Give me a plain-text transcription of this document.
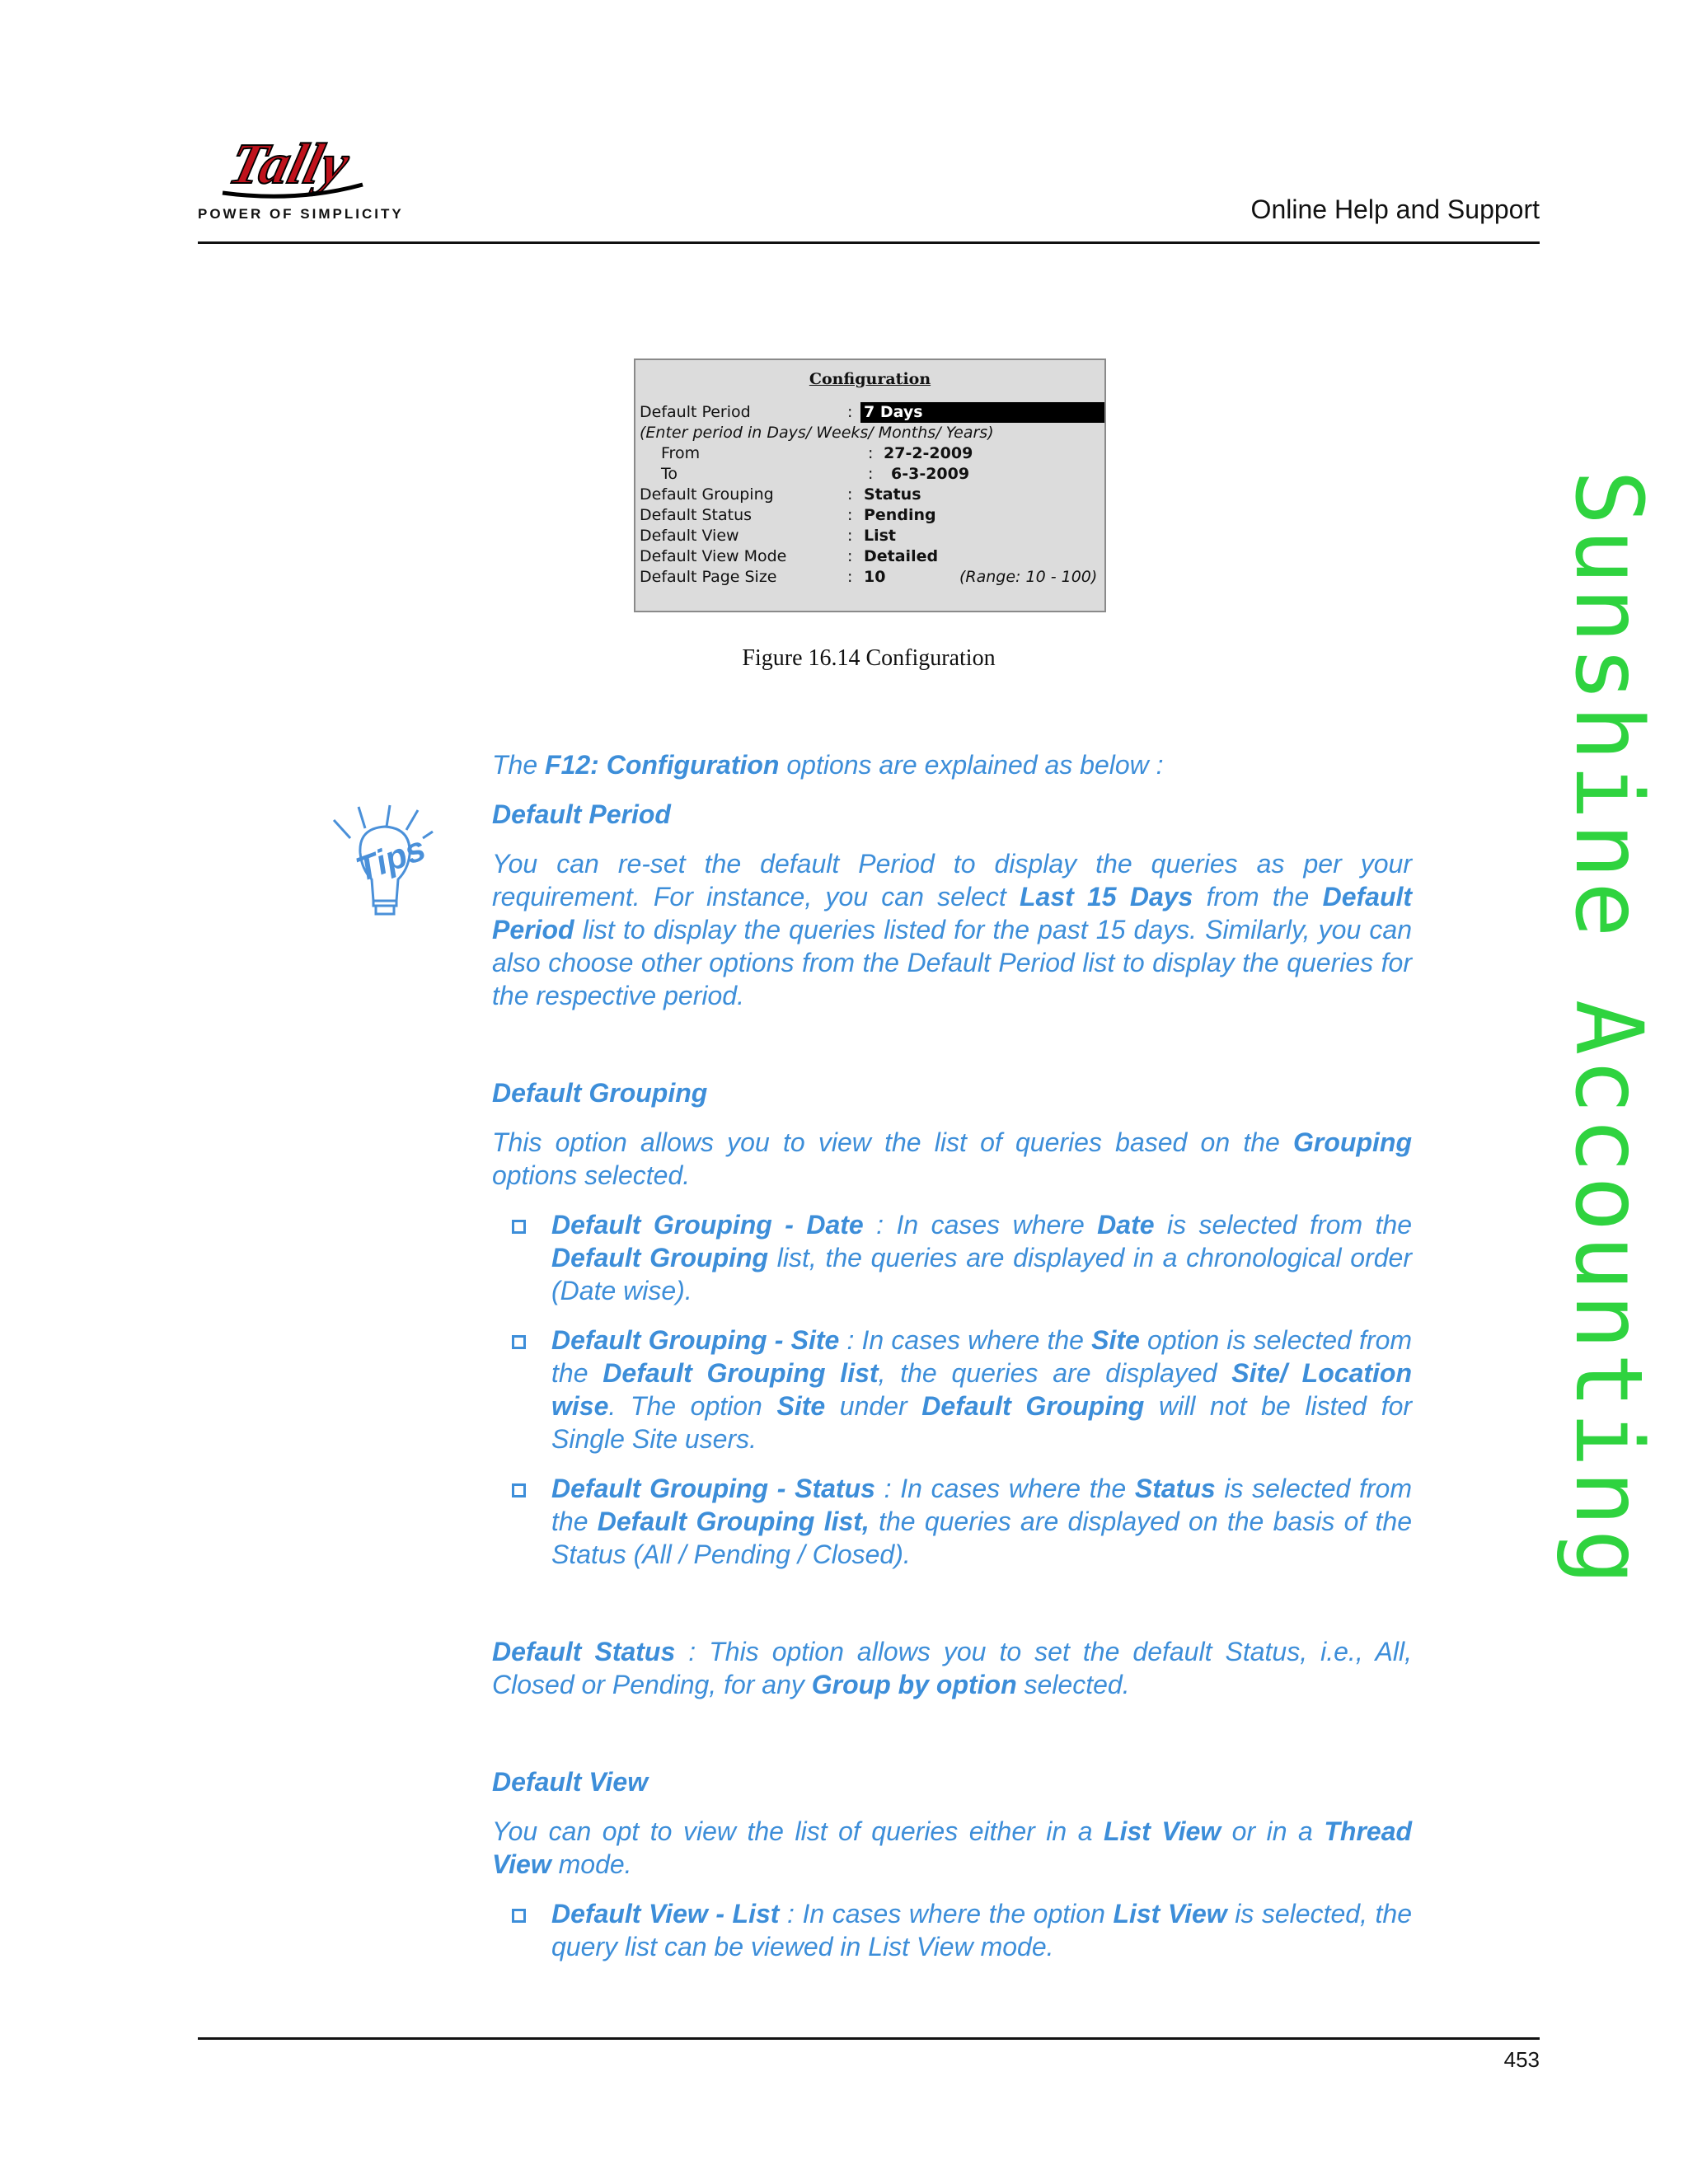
Tally
POWER OF SIMPLICITY	Online Help and Support
Configuration
Default Period	: 7 Days
(Enter period in Days/ Weeks/ Months/ Years)
From	: 27-2-2009
To	: 6-3-2009
Default Grouping	: Status
Default Status	: Pending
Default View	: List
Default View Mode	: Detailed
Default Page Size	: 10	(Range: 10 - 100)
Figure 16.14 Configuration
Tips

The F12: Configuration options are explained as below :

Default Period

You can re-set the default Period to display the queries as per your requirement. For instance, you can select Last 15 Days from the Default Period list to display the queries listed for the past 15 days. Similarly, you can also choose other options from the Default Period list to display the queries for the respective period.

Default Grouping

This option allows you to view the list of queries based on the Grouping options selected.

Default Grouping - Date : In cases where Date is selected from the Default Grouping list, the queries are displayed in a chronological order (Date wise).
Default Grouping - Site : In cases where the Site option is selected from the Default Grouping list, the queries are displayed Site/ Location wise. The option Site under Default Grouping will not be listed for Single Site users.
Default Grouping - Status : In cases where the Status is selected from the Default Grouping list, the queries are displayed on the basis of the Status (All / Pending / Closed).

Default Status : This option allows you to set the default Status, i.e., All, Closed or Pending, for any Group by option selected.

Default View

You can opt to view the list of queries either in a List View or in a Thread View mode.

Default View - List : In cases where the option List View is selected, the query list can be viewed in List View mode.
Sunshine Accounting
453
